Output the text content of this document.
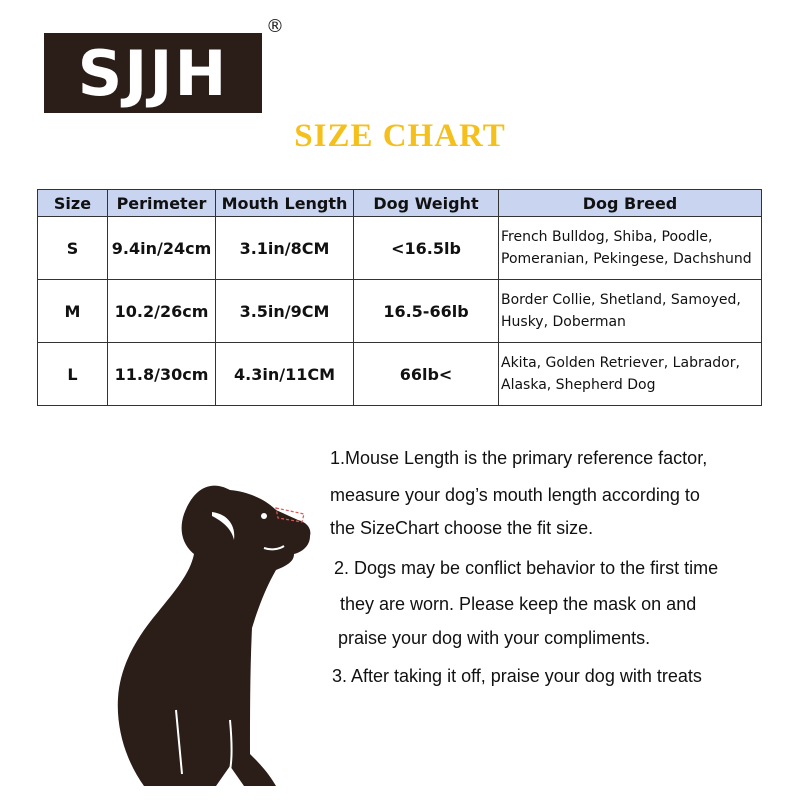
SJJH
®
SIZE CHART
Size	Perimeter	Mouth Length	Dog Weight	Dog Breed
S	9.4in/24cm	3.1in/8CM	<16.5lb	French Bulldog, Shiba, Poodle,
Pomeranian, Pekingese, Dachshund

M	10.2/26cm	3.5in/9CM	16.5-66lb	Border Collie, Shetland, Samoyed,
Husky, Doberman

L	11.8/30cm	4.3in/11CM	66lb<	Akita, Golden Retriever, Labrador,
Alaska, Shepherd Dog
1.Mouse Length is the primary reference factor,
measure your dog’s mouth length according to
the SizeChart choose the fit size.
2. Dogs may be conflict behavior to the first time
they are worn. Please keep the mask on and
praise your dog with your compliments.
3. After taking it off, praise your dog with treats
